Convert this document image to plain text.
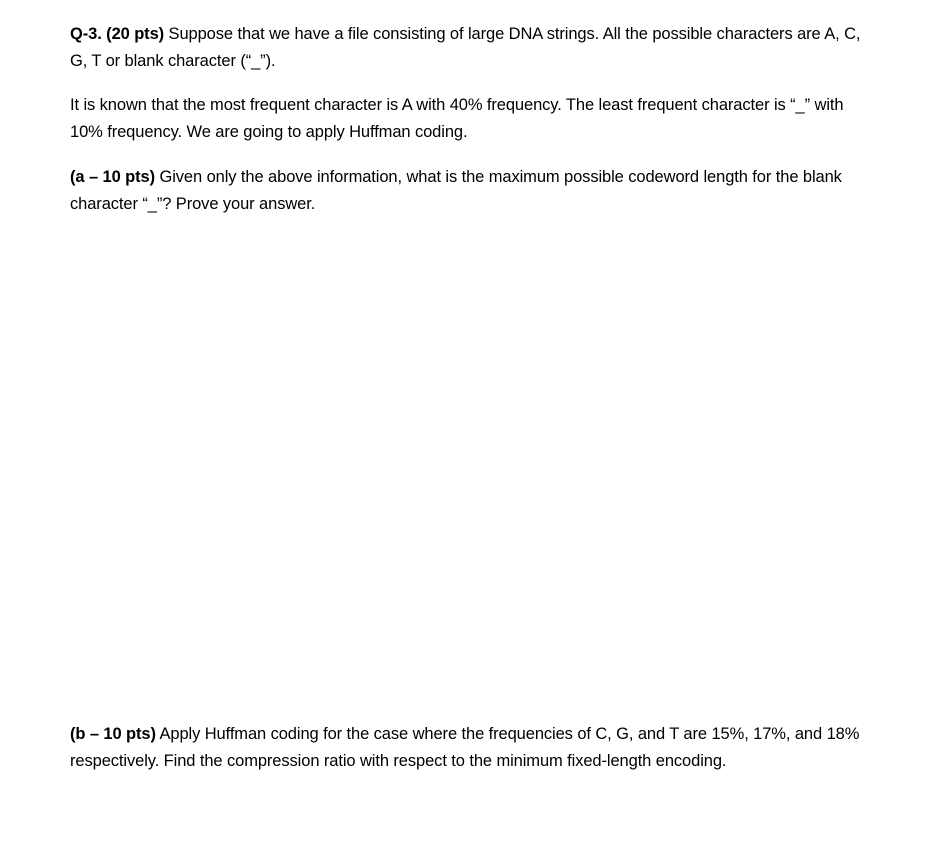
Q-3. (20 pts) Suppose that we have a file consisting of large DNA strings. All the possible characters are A, C, G, T or blank character (“_”).

It is known that the most frequent character is A with 40% frequency. The least frequent character is “_” with 10% frequency. We are going to apply Huffman coding.

(a – 10 pts) Given only the above information, what is the maximum possible codeword length for the blank character “_”? Prove your answer.

(b – 10 pts) Apply Huffman coding for the case where the frequencies of C, G, and T are 15%, 17%, and 18% respectively. Find the compression ratio with respect to the minimum fixed-length encoding.
